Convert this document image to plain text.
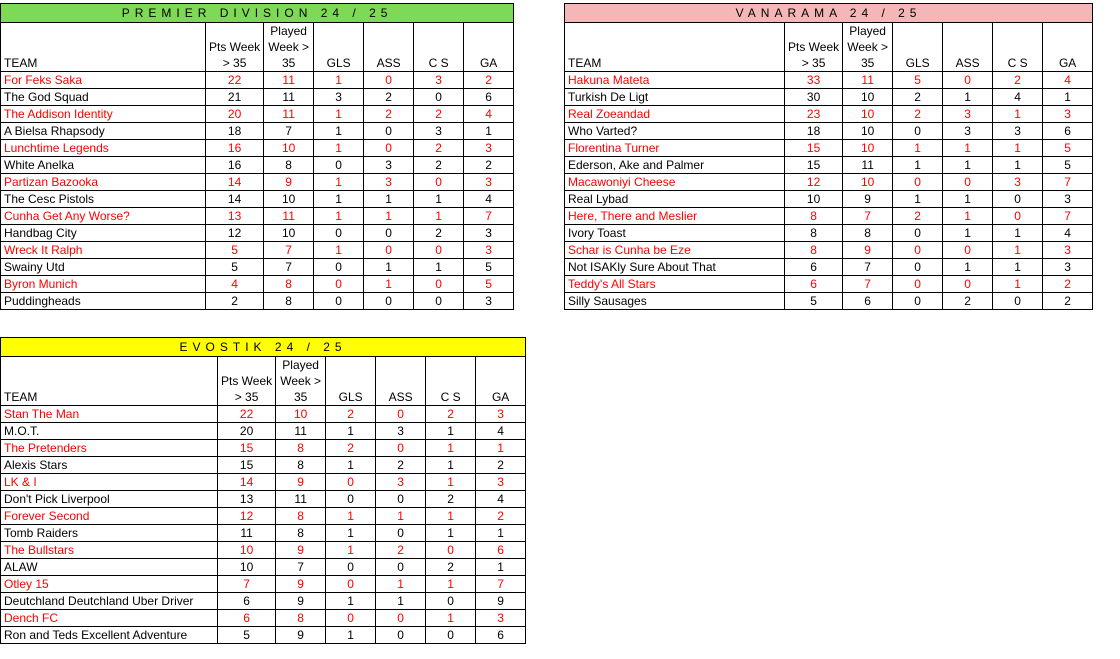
PREMIER DIVISION 24 / 25						
		Played				
	Pts Week	Week >				
TEAM	> 35	35	GLS	ASS	C S	GA
For Feks Saka	22	11	1	0	3	2
The God Squad	21	11	3	2	0	6
The Addison Identity	20	11	1	2	2	4
A Bielsa Rhapsody	18	7	1	0	3	1
Lunchtime Legends	16	10	1	0	2	3
White Anelka	16	8	0	3	2	2
Partizan Bazooka	14	9	1	3	0	3
The Cesc Pistols	14	10	1	1	1	4
Cunha Get Any Worse?	13	11	1	1	1	7
Handbag City	12	10	0	0	2	3
Wreck It Ralph	5	7	1	0	0	3
Swainy Utd	5	7	0	1	1	5
Byron Munich	4	8	0	1	0	5
Puddingheads	2	8	0	0	0	3
VANARAMA 24 / 25						
		Played				
	Pts Week	Week >				
TEAM	> 35	35	GLS	ASS	C S	GA
Hakuna Mateta	33	11	5	0	2	4
Turkish De Ligt	30	10	2	1	4	1
Real Zoeandad	23	10	2	3	1	3
Who Varted?	18	10	0	3	3	6
Florentina Turner	15	10	1	1	1	5
Ederson, Ake and Palmer	15	11	1	1	1	5
Macawoniyi Cheese	12	10	0	0	3	7
Real Lybad	10	9	1	1	0	3
Here, There and Meslier	8	7	2	1	0	7
Ivory Toast	8	8	0	1	1	4
Schar is Cunha be Eze	8	9	0	0	1	3
Not ISAKly Sure About That	6	7	0	1	1	3
Teddy's All Stars	6	7	0	0	1	2
Silly Sausages	5	6	0	2	0	2
EVOSTIK 24 / 25						
		Played				
	Pts Week	Week >				
TEAM	> 35	35	GLS	ASS	C S	GA
Stan The Man	22	10	2	0	2	3
M.O.T.	20	11	1	3	1	4
The Pretenders	15	8	2	0	1	1
Alexis Stars	15	8	1	2	1	2
LK & I	14	9	0	3	1	3
Don't Pick Liverpool	13	11	0	0	2	4
Forever Second	12	8	1	1	1	2
Tomb Raiders	11	8	1	0	1	1
The Bullstars	10	9	1	2	0	6
ALAW	10	7	0	0	2	1
Otley 15	7	9	0	1	1	7
Deutchland Deutchland Uber Driver	6	9	1	1	0	9
Dench FC	6	8	0	0	1	3
Ron and Teds Excellent Adventure	5	9	1	0	0	6
